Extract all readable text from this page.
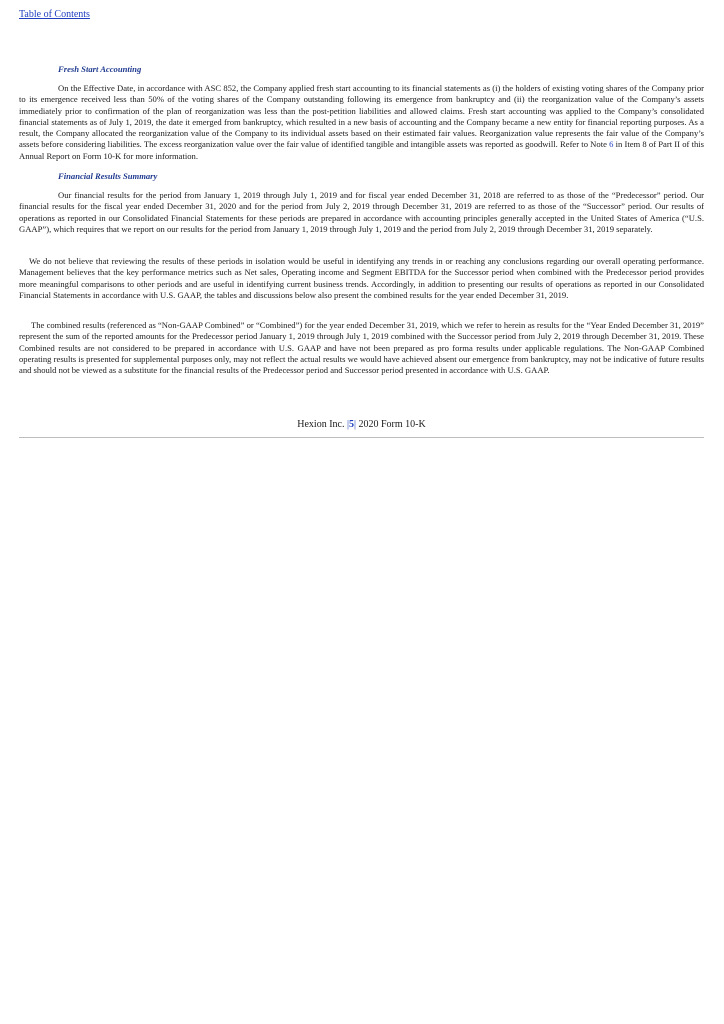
Table of Contents
Fresh Start Accounting

On the Effective Date, in accordance with ASC 852, the Company applied fresh start accounting to its financial statements as (i) the holders of existing voting shares of the Company prior to its emergence received less than 50% of the voting shares of the Company outstanding following its emergence from bankruptcy and (ii) the reorganization value of the Company’s assets immediately prior to confirmation of the plan of reorganization was less than the post-petition liabilities and allowed claims. Fresh start accounting was applied to the Company’s consolidated financial statements as of July 1, 2019, the date it emerged from bankruptcy, which resulted in a new basis of accounting and the Company became a new entity for financial reporting purposes. As a result, the Company allocated the reorganization value of the Company to its individual assets based on their estimated fair values. Reorganization value represents the fair value of the Company’s assets before considering liabilities. The excess reorganization value over the fair value of identified tangible and intangible assets was reported as goodwill. Refer to Note 6 in Item 8 of Part II of this Annual Report on Form 10-K for more information.

Financial Results Summary

Our financial results for the period from January 1, 2019 through July 1, 2019 and for fiscal year ended December 31, 2018 are referred to as those of the “Predecessor” period. Our financial results for the fiscal year ended December 31, 2020 and for the period from July 2, 2019 through December 31, 2019 are referred to as those of the “Successor” period. Our results of operations as reported in our Consolidated Financial Statements for these periods are prepared in accordance with accounting principles generally accepted in the United States of America (“U.S. GAAP”), which requires that we report on our results for the period from January 1, 2019 through July 1, 2019 and the period from July 2, 2019 through December 31, 2019 separately.

We do not believe that reviewing the results of these periods in isolation would be useful in identifying any trends in or reaching any conclusions regarding our overall operating performance. Management believes that the key performance metrics such as Net sales, Operating income and Segment EBITDA for the Successor period when combined with the Predecessor period provides more meaningful comparisons to other periods and are useful in identifying current business trends. Accordingly, in addition to presenting our results of operations as reported in our Consolidated Financial Statements in accordance with U.S. GAAP, the tables and discussions below also present the combined results for the year ended December 31, 2019.

The combined results (referenced as “Non-GAAP Combined” or “Combined”) for the year ended December 31, 2019, which we refer to herein as results for the “Year Ended December 31, 2019” represent the sum of the reported amounts for the Predecessor period January 1, 2019 through July 1, 2019 combined with the Successor period from July 2, 2019 through December 31, 2019. These Combined results are not considered to be prepared in accordance with U.S. GAAP and have not been prepared as pro forma results under applicable regulations. The Non-GAAP Combined operating results is presented for supplemental purposes only, may not reflect the actual results we would have achieved absent our emergence from bankruptcy, may not be indicative of future results and should not be viewed as a substitute for the financial results of the Predecessor period and Successor period presented in accordance with U.S. GAAP.

Hexion Inc. |5| 2020 Form 10-K
